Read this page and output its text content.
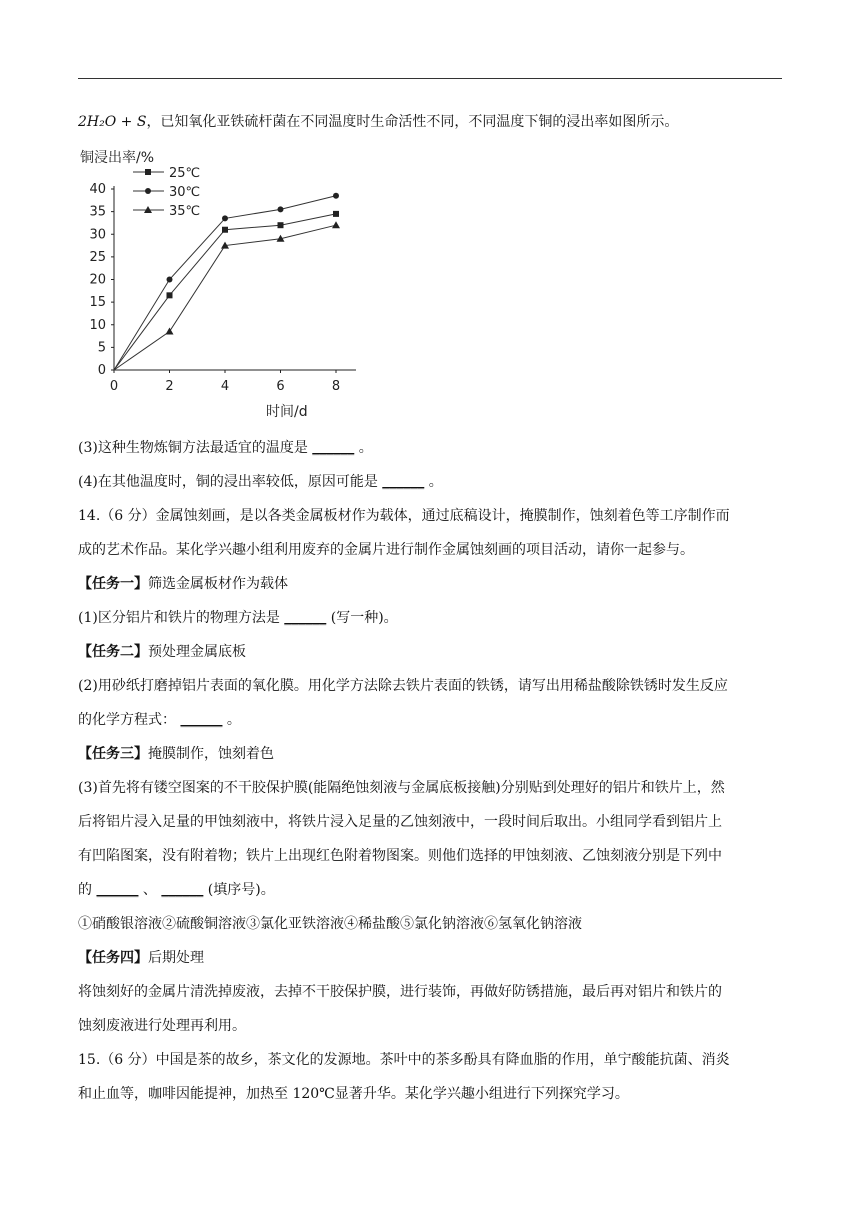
2H₂O + S，已知氧化亚铁硫杆菌在不同温度时生命活性不同，不同温度下铜的浸出率如图所示。
铜浸出率/%
0
5
10
15
20
25
30
35
40
0	2	4	6	8
25℃
30℃
35℃
时间/d
(3)这种生物炼铜方法最适宜的温度是 ______ 。
(4)在其他温度时，铜的浸出率较低，原因可能是 ______ 。
14.（6 分）金属蚀刻画，是以各类金属板材作为载体，通过底稿设计，掩膜制作，蚀刻着色等工序制作而
成的艺术作品。某化学兴趣小组利用废弃的金属片进行制作金属蚀刻画的项目活动，请你一起参与。
【任务一】筛选金属板材作为载体
(1)区分铝片和铁片的物理方法是 ______ (写一种)。
【任务二】预处理金属底板
(2)用砂纸打磨掉铝片表面的氧化膜。用化学方法除去铁片表面的铁锈，请写出用稀盐酸除铁锈时发生反应
的化学方程式： ______ 。
【任务三】掩膜制作，蚀刻着色
(3)首先将有镂空图案的不干胶保护膜(能隔绝蚀刻液与金属底板接触)分别贴到处理好的铝片和铁片上，然
后将铝片浸入足量的甲蚀刻液中，将铁片浸入足量的乙蚀刻液中，一段时间后取出。小组同学看到铝片上
有凹陷图案，没有附着物；铁片上出现红色附着物图案。则他们选择的甲蚀刻液、乙蚀刻液分别是下列中
的 ______ 、 ______ (填序号)。
①硝酸银溶液②硫酸铜溶液③氯化亚铁溶液④稀盐酸⑤氯化钠溶液⑥氢氧化钠溶液
【任务四】后期处理
将蚀刻好的金属片清洗掉废液，去掉不干胶保护膜，进行装饰，再做好防锈措施，最后再对铝片和铁片的
蚀刻废液进行处理再利用。
15.（6 分）中国是茶的故乡，茶文化的发源地。茶叶中的茶多酚具有降血脂的作用，单宁酸能抗菌、消炎
和止血等，咖啡因能提神，加热至 120℃显著升华。某化学兴趣小组进行下列探究学习。
